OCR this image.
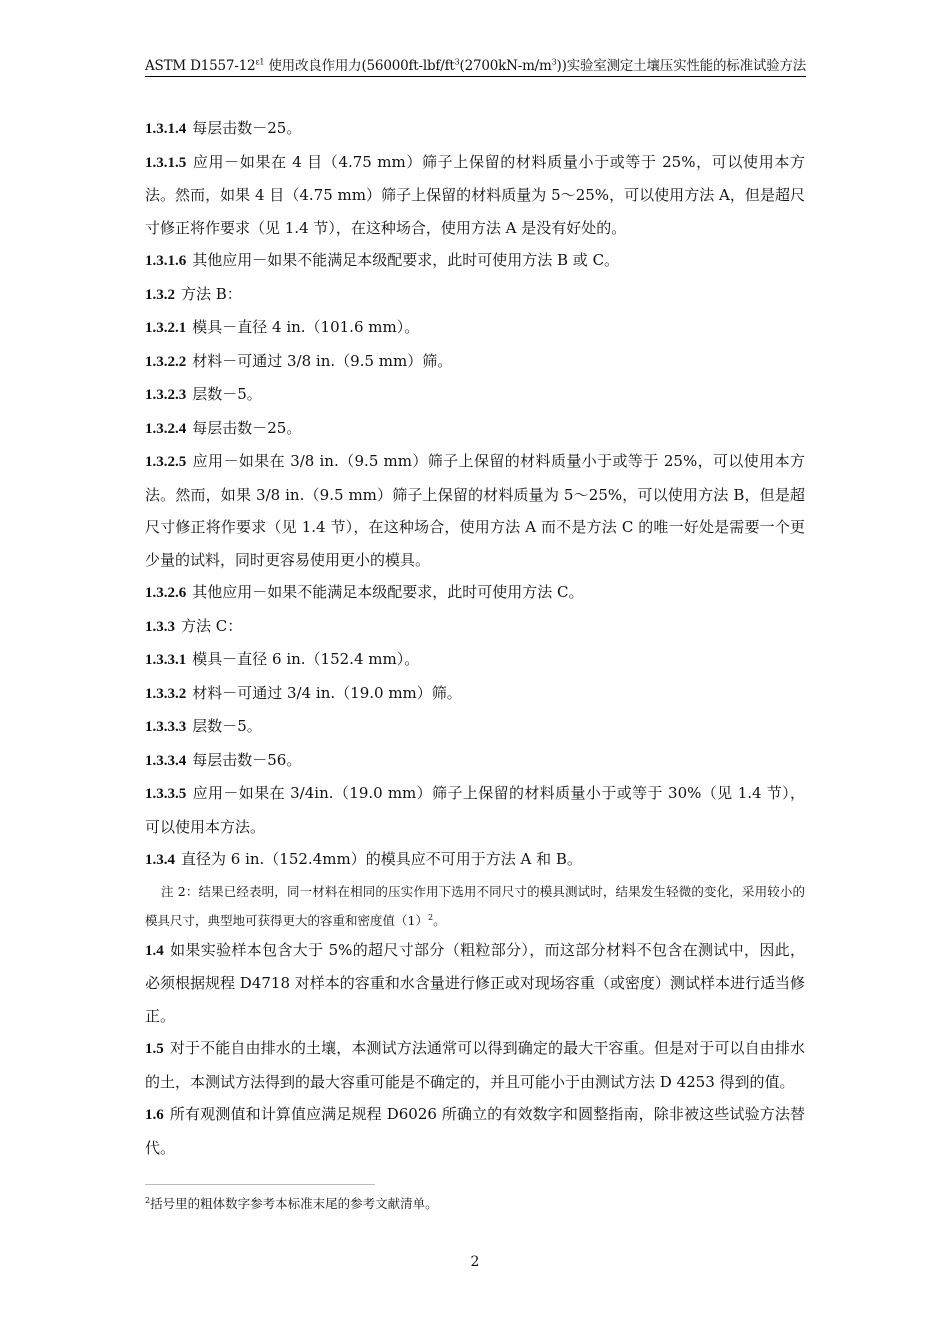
ASTM $D1557-12^{\varepsilon 1}$ 使用改良作用力$(56000ft-lbf/ft^3(2700kN-m/m^3))$实验室测定土壤压实性能的标准试验方法

1.3.1.4 每层击数－25。

1.3.1.5 应用－如果在 4 目（4.75 mm）筛子上保留的材料质量小于或等于 25%，可以使用本方法。然而，如果 4 目（4.75 mm）筛子上保留的材料质量为 5～25%，可以使用方法 A，但是超尺寸修正将作要求（见 1.4 节），在这种场合，使用方法 A 是没有好处的。

1.3.1.6 其他应用－如果不能满足本级配要求，此时可使用方法 B 或 C。

1.3.2 方法 B：

1.3.2.1 模具－直径 4 in.（101.6 mm）。

1.3.2.2 材料－可通过 3/8 in.（9.5 mm）筛。

1.3.2.3 层数－5。

1.3.2.4 每层击数－25。

1.3.2.5 应用－如果在 3/8 in.（9.5 mm）筛子上保留的材料质量小于或等于 25%，可以使用本方法。然而，如果 3/8 in.（9.5 mm）筛子上保留的材料质量为 5～25%，可以使用方法 B，但是超尺寸修正将作要求（见 1.4 节），在这种场合，使用方法 A 而不是方法 C 的唯一好处是需要一个更少量的试料，同时更容易使用更小的模具。

1.3.2.6 其他应用－如果不能满足本级配要求，此时可使用方法 C。

1.3.3 方法 C：

1.3.3.1 模具－直径 6 in.（152.4 mm）。

1.3.3.2 材料－可通过 3/4 in.（19.0 mm）筛。

1.3.3.3 层数－5。

1.3.3.4 每层击数－56。

1.3.3.5 应用－如果在 3/4in.（19.0 mm）筛子上保留的材料质量小于或等于 30%（见 1.4 节），可以使用本方法。

1.3.4 直径为 6 in.（152.4mm）的模具应不可用于方法 A 和 B。

注 2：结果已经表明，同一材料在相同的压实作用下选用不同尺寸的模具测试时，结果发生轻微的变化，采用较小的模具尺寸，典型地可获得更大的容重和密度值$(1)^2$。

1.4 如果实验样本包含大于 5%的超尺寸部分（粗粒部分），而这部分材料不包含在测试中，因此，必须根据规程 D4718 对样本的容重和水含量进行修正或对现场容重（或密度）测试样本进行适当修正。

1.5 对于不能自由排水的土壤，本测试方法通常可以得到确定的最大干容重。但是对于可以自由排水的土，本测试方法得到的最大容重可能是不确定的，并且可能小于由测试方法 D 4253 得到的值。

1.6 所有观测值和计算值应满足规程 D6026 所确立的有效数字和圆整指南，除非被这些试验方法替代。

$^2$括号里的粗体数字参考本标准末尾的参考文献清单。
2
